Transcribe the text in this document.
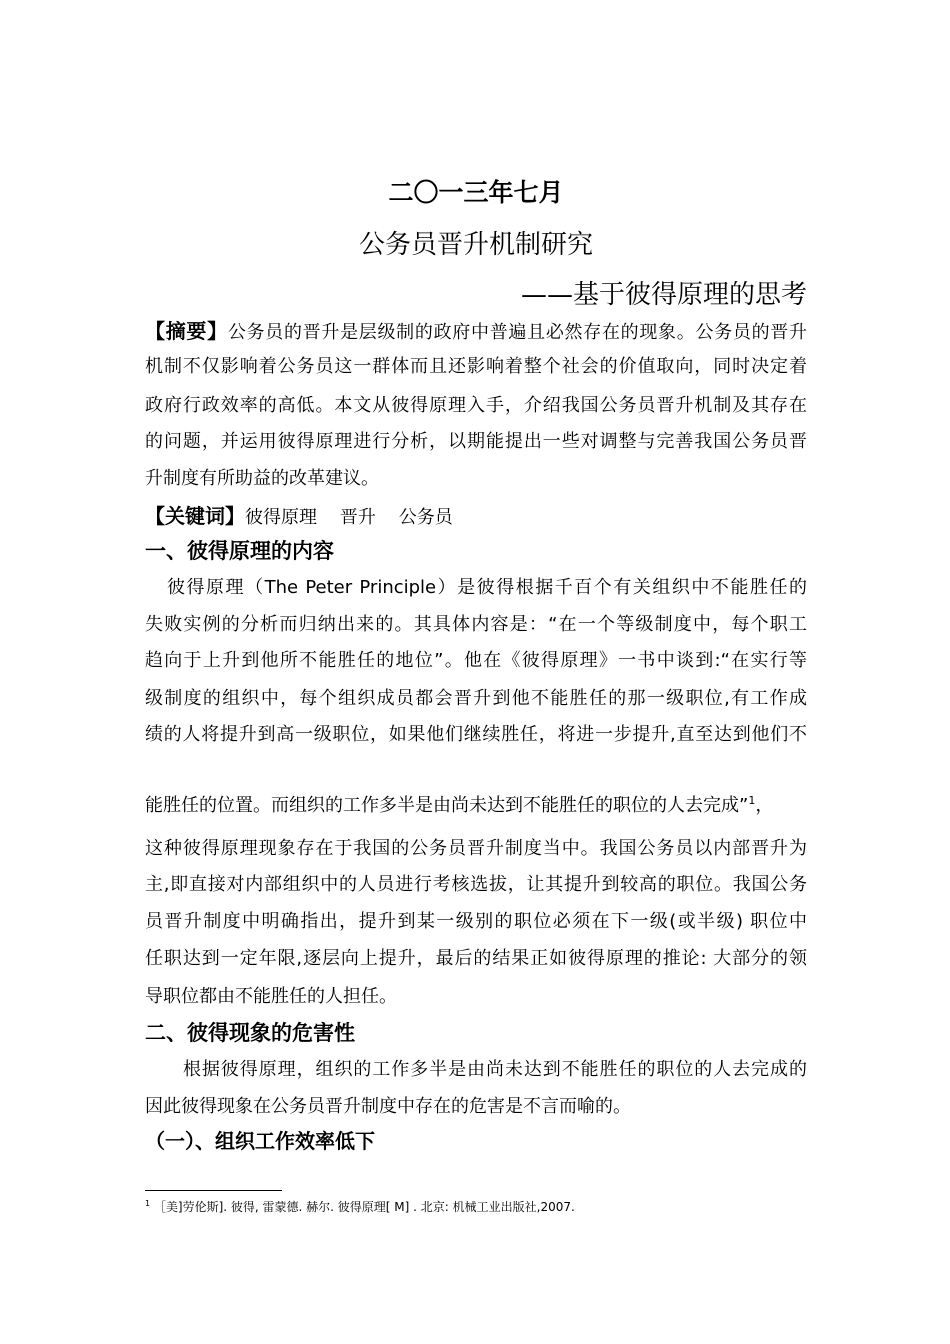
二〇一三年七月
公务员晋升机制研究
——基于彼得原理的思考
【摘要】公务员的晋升是层级制的政府中普遍且必然存在的现象。公务员的晋升
机制不仅影响着公务员这一群体而且还影响着整个社会的价值取向，同时决定着
政府行政效率的高低。本文从彼得原理入手，介绍我国公务员晋升机制及其存在
的问题，并运用彼得原理进行分析，以期能提出一些对调整与完善我国公务员晋
升制度有所助益的改革建议。
【关键词】彼得原理    晋升    公务员
一、彼得原理的内容
彼得原理（The Peter Principle）是彼得根据千百个有关组织中不能胜任的
失败实例的分析而归纳出来的。其具体内容是：“在一个等级制度中，每个职工
趋向于上升到他所不能胜任的地位”。他在《彼得原理》一书中谈到:“在实行等
级制度的组织中，每个组织成员都会晋升到他不能胜任的那一级职位,有工作成
绩的人将提升到高一级职位，如果他们继续胜任，将进一步提升,直至达到他们不
能胜任的位置。而组织的工作多半是由尚未达到不能胜任的职位的人去完成”$^1$，
这种彼得原理现象存在于我国的公务员晋升制度当中。我国公务员以内部晋升为
主,即直接对内部组织中的人员进行考核选拔，让其提升到较高的职位。我国公务
员晋升制度中明确指出，提升到某一级别的职位必须在下一级(或半级) 职位中
任职达到一定年限,逐层向上提升，最后的结果正如彼得原理的推论: 大部分的领
导职位都由不能胜任的人担任。
二、彼得现象的危害性
根据彼得原理，组织的工作多半是由尚未达到不能胜任的职位的人去完成的
因此彼得现象在公务员晋升制度中存在的危害是不言而喻的。
（一）、组织工作效率低下
$^1$ ［美]劳伦斯]. 彼得, 雷蒙德. 赫尔. 彼得原理[ M] . 北京: 机械工业出版社,2007.
